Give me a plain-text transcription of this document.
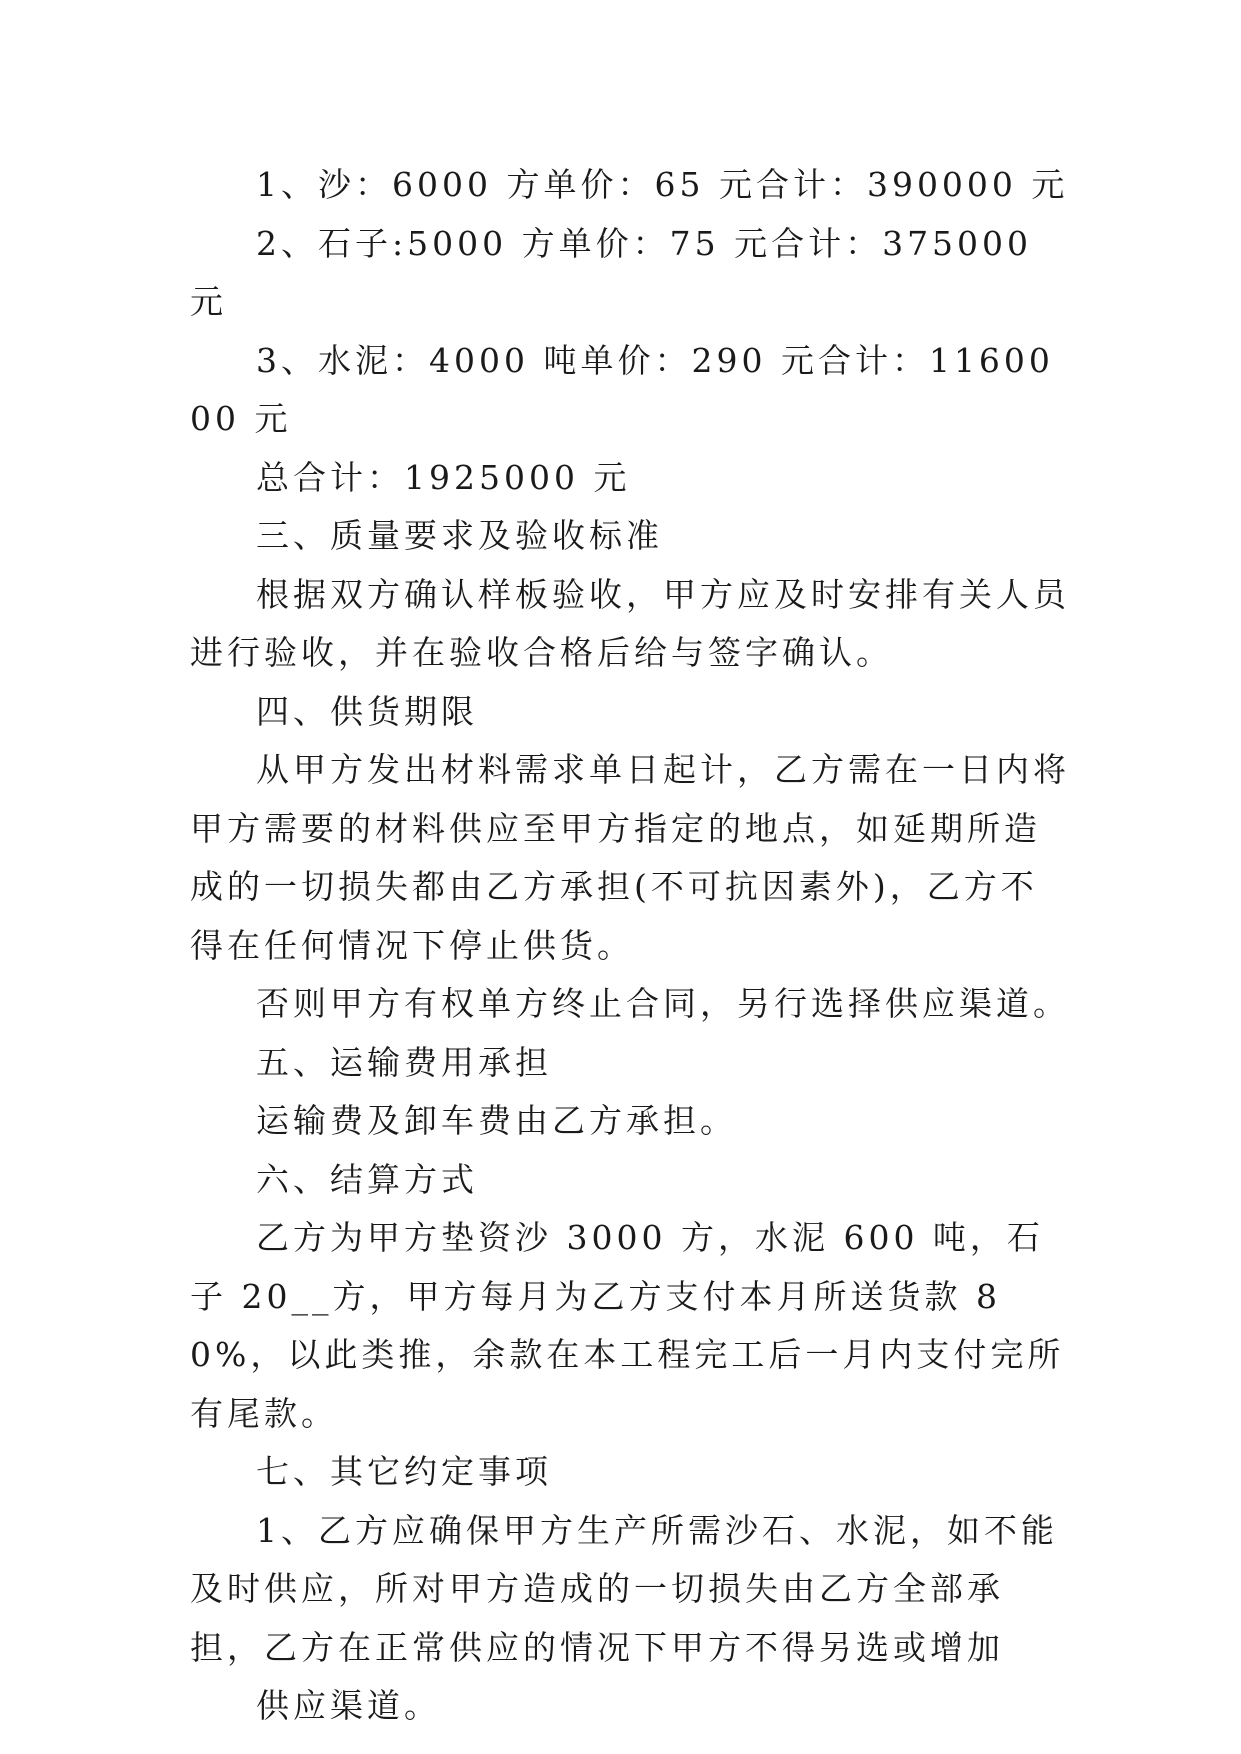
1、沙：6000 方单价：65 元合计：390000 元

2、石子:5000 方单价：75 元合计：375000 元

3、水泥：4000 吨单价：290 元合计：1160000 元

总合计：1925000 元

三、质量要求及验收标准

根据双方确认样板验收，甲方应及时安排有关人员进行验收，并在验收合格后给与签字确认。

四、供货期限

从甲方发出材料需求单日起计，乙方需在一日内将甲方需要的材料供应至甲方指定的地点，如延期所造成的一切损失都由乙方承担(不可抗因素外)，乙方不得在任何情况下停止供货。

否则甲方有权单方终止合同，另行选择供应渠道。

五、运输费用承担

运输费及卸车费由乙方承担。

六、结算方式

乙方为甲方垫资沙 3000 方，水泥 600 吨，石子 20__方，甲方每月为乙方支付本月所送货款 80%，以此类推，余款在本工程完工后一月内支付完所有尾款。

七、其它约定事项

1、乙方应确保甲方生产所需沙石、水泥，如不能及时供应，所对甲方造成的一切损失由乙方全部承担，乙方在正常供应的情况下甲方不得另选或增加

供应渠道。
